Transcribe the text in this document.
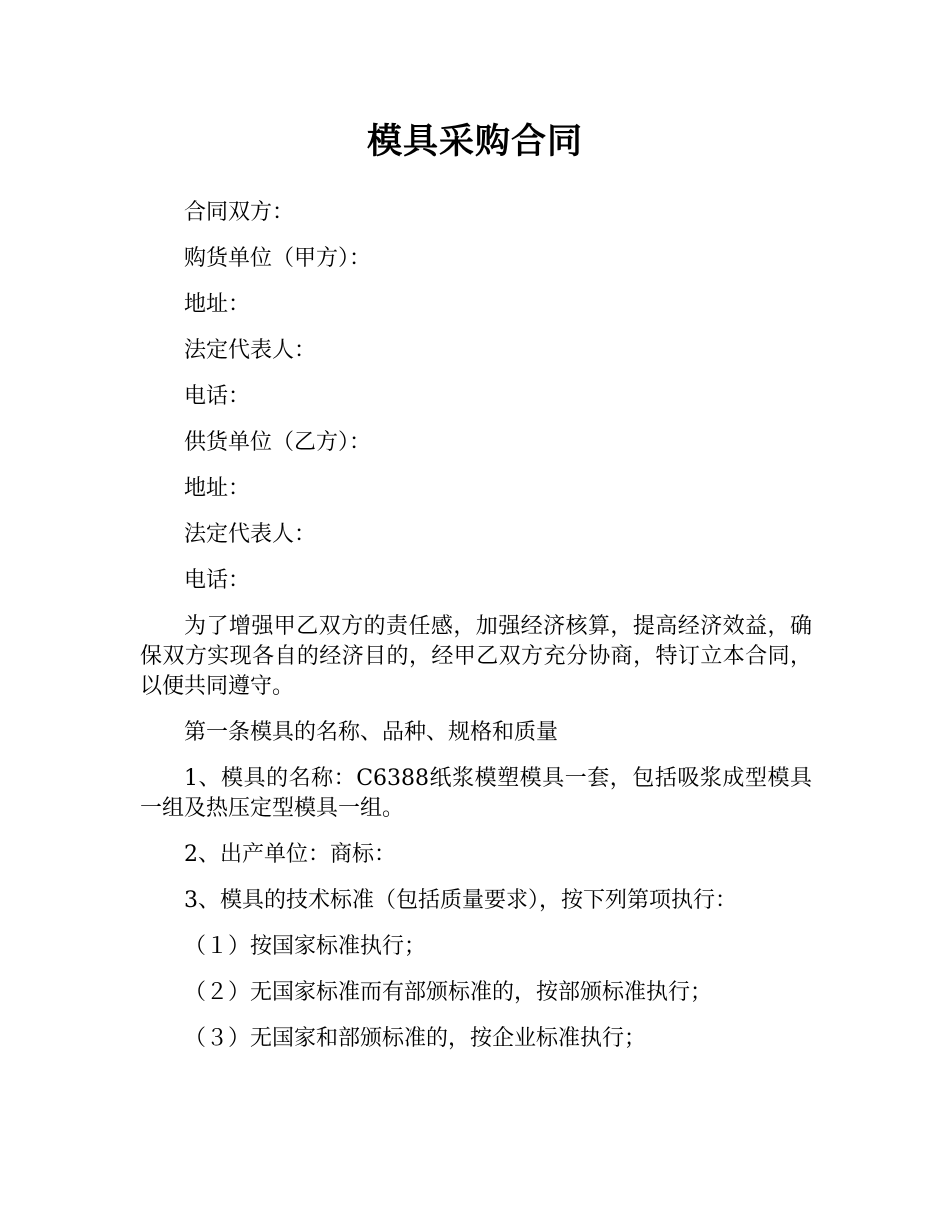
模具采购合同

合同双方：

购货单位（甲方）：

地址：

法定代表人：

电话：

供货单位（乙方）：

地址：

法定代表人：

电话：

为了增强甲乙双方的责任感，加强经济核算，提高经济效益，确保双方实现各自的经济目的，经甲乙双方充分协商，特订立本合同，以便共同遵守。

第一条模具的名称、品种、规格和质量

1、模具的名称：C6388纸浆模塑模具一套，包括吸浆成型模具一组及热压定型模具一组。

2、出产单位：商标：

3、模具的技术标准（包括质量要求），按下列第项执行：

（１）按国家标准执行；

（２）无国家标准而有部颁标准的，按部颁标准执行；

（３）无国家和部颁标准的，按企业标准执行；
